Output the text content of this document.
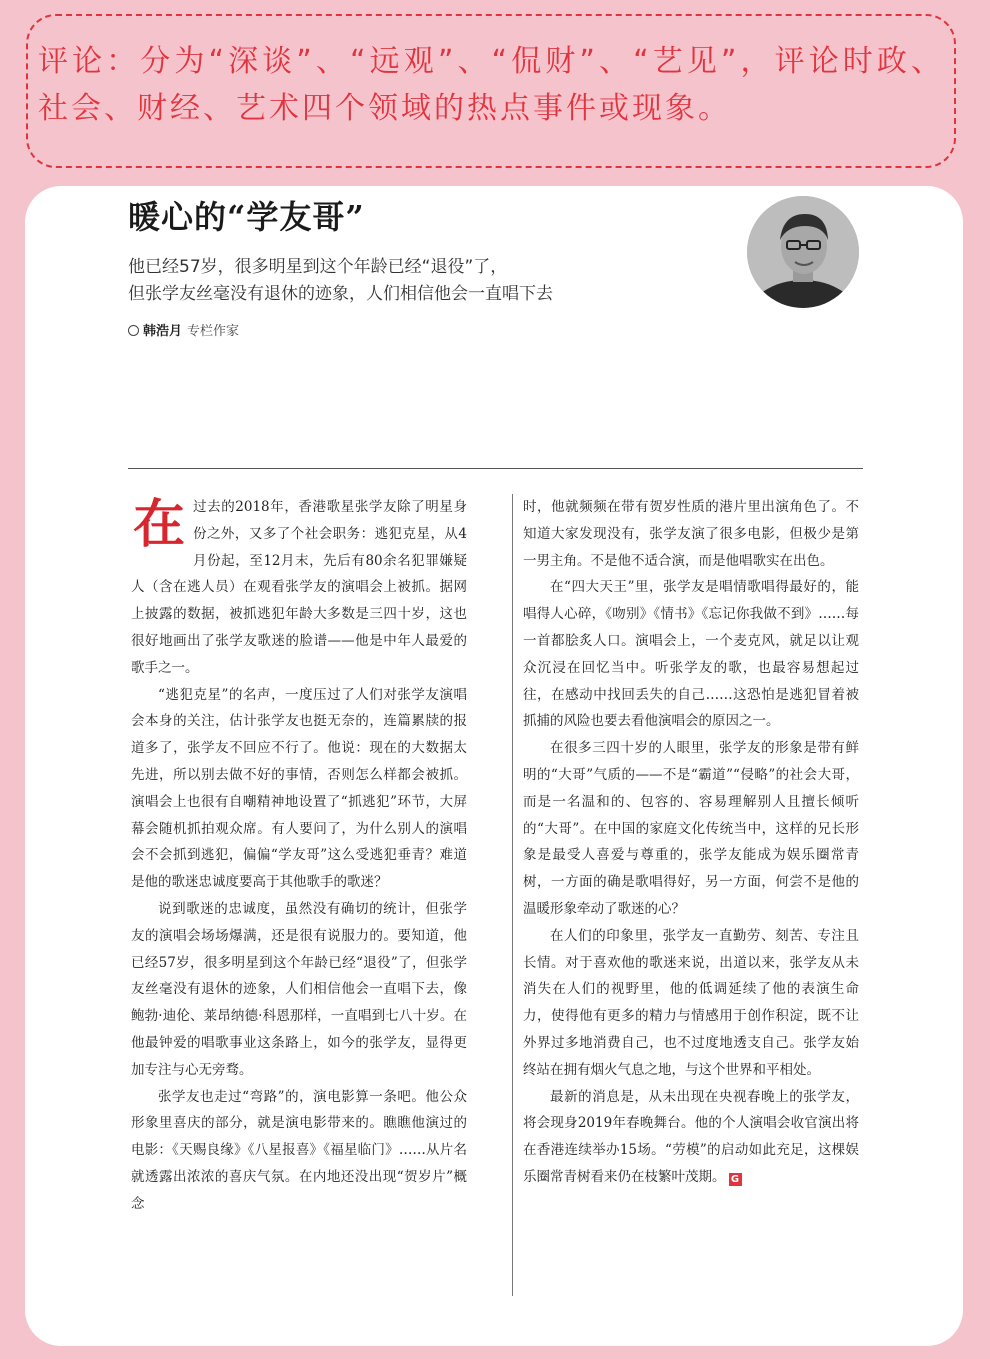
评论：分为“深谈”、“远观”、“侃财”、“艺见”，评论时政、社会、财经、艺术四个领域的热点事件或现象。

暖心的“学友哥”
他已经57岁，很多明星到这个年龄已经“退役”了，
但张学友丝毫没有退休的迹象，人们相信他会一直唱下去
韩浩月 专栏作家

在过去的2018年，香港歌星张学友除了明星身份之外，又多了个社会职务：逃犯克星，从4月份起，至12月末，先后有80余名犯罪嫌疑人（含在逃人员）在观看张学友的演唱会上被抓。据网上披露的数据，被抓逃犯年龄大多数是三四十岁，这也很好地画出了张学友歌迷的脸谱——他是中年人最爱的歌手之一。

“逃犯克星”的名声，一度压过了人们对张学友演唱会本身的关注，估计张学友也挺无奈的，连篇累牍的报道多了，张学友不回应不行了。他说：现在的大数据太先进，所以别去做不好的事情，否则怎么样都会被抓。演唱会上也很有自嘲精神地设置了“抓逃犯”环节，大屏幕会随机抓拍观众席。有人要问了，为什么别人的演唱会不会抓到逃犯，偏偏“学友哥”这么受逃犯垂青？难道是他的歌迷忠诚度要高于其他歌手的歌迷？

说到歌迷的忠诚度，虽然没有确切的统计，但张学友的演唱会场场爆满，还是很有说服力的。要知道，他已经57岁，很多明星到这个年龄已经“退役”了，但张学友丝毫没有退休的迹象，人们相信他会一直唱下去，像鲍勃·迪伦、莱昂纳德·科恩那样，一直唱到七八十岁。在他最钟爱的唱歌事业这条路上，如今的张学友，显得更加专注与心无旁骛。

张学友也走过“弯路”的，演电影算一条吧。他公众形象里喜庆的部分，就是演电影带来的。瞧瞧他演过的电影：《天赐良缘》《八星报喜》《福星临门》……从片名就透露出浓浓的喜庆气氛。在内地还没出现“贺岁片”概念

时，他就频频在带有贺岁性质的港片里出演角色了。不知道大家发现没有，张学友演了很多电影，但极少是第一男主角。不是他不适合演，而是他唱歌实在出色。

在“四大天王”里，张学友是唱情歌唱得最好的，能唱得人心碎，《吻别》《情书》《忘记你我做不到》……每一首都脍炙人口。演唱会上，一个麦克风，就足以让观众沉浸在回忆当中。听张学友的歌，也最容易想起过往，在感动中找回丢失的自己……这恐怕是逃犯冒着被抓捕的风险也要去看他演唱会的原因之一。

在很多三四十岁的人眼里，张学友的形象是带有鲜明的“大哥”气质的——不是“霸道”“侵略”的社会大哥，而是一名温和的、包容的、容易理解别人且擅长倾听的“大哥”。在中国的家庭文化传统当中，这样的兄长形象是最受人喜爱与尊重的，张学友能成为娱乐圈常青树，一方面的确是歌唱得好，另一方面，何尝不是他的温暖形象牵动了歌迷的心？

在人们的印象里，张学友一直勤劳、刻苦、专注且长情。对于喜欢他的歌迷来说，出道以来，张学友从未消失在人们的视野里，他的低调延续了他的表演生命力，使得他有更多的精力与情感用于创作积淀，既不让外界过多地消费自己，也不过度地透支自己。张学友始终站在拥有烟火气息之地，与这个世界和平相处。

最新的消息是，从未出现在央视春晚上的张学友，将会现身2019年春晚舞台。他的个人演唱会收官演出将在香港连续举办15场。“劳模”的启动如此充足，这棵娱乐圈常青树看来仍在枝繁叶茂期。 G
